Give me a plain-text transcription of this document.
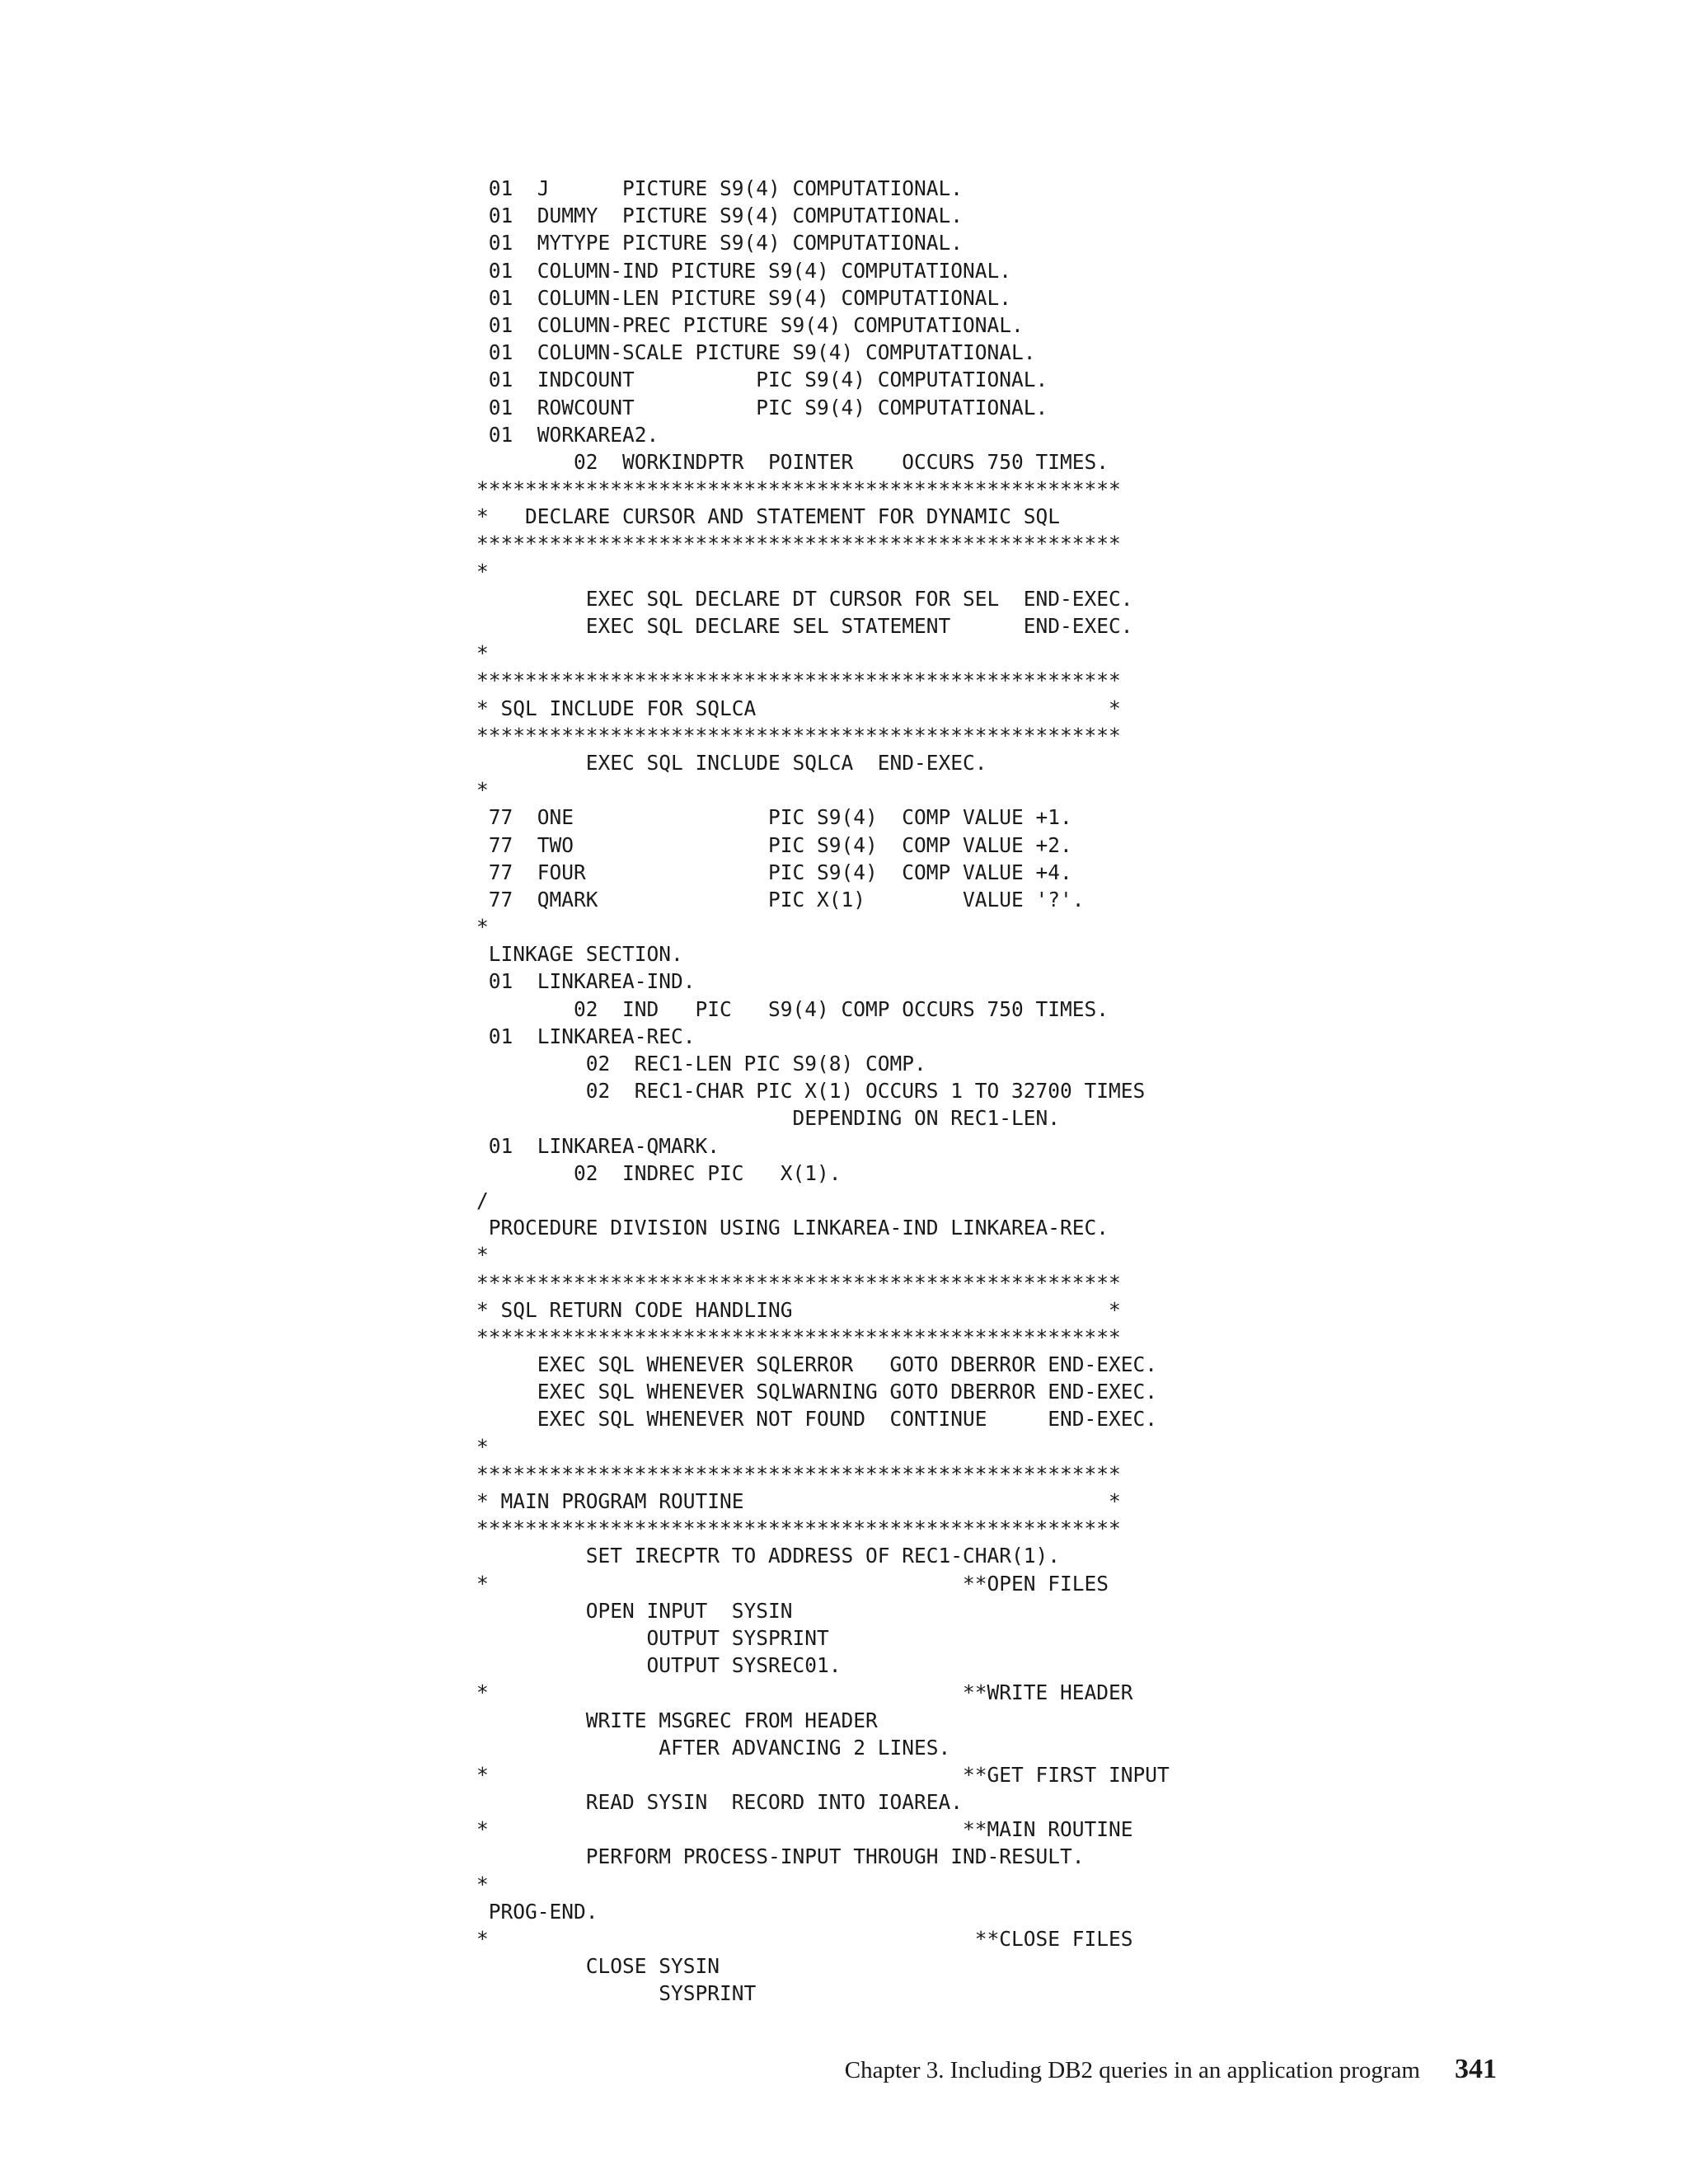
01  J      PICTURE S9(4) COMPUTATIONAL.
01  DUMMY  PICTURE S9(4) COMPUTATIONAL.
01  MYTYPE PICTURE S9(4) COMPUTATIONAL.
01  COLUMN-IND PICTURE S9(4) COMPUTATIONAL.
01  COLUMN-LEN PICTURE S9(4) COMPUTATIONAL.
01  COLUMN-PREC PICTURE S9(4) COMPUTATIONAL.
01  COLUMN-SCALE PICTURE S9(4) COMPUTATIONAL.
01  INDCOUNT          PIC S9(4) COMPUTATIONAL.
01  ROWCOUNT          PIC S9(4) COMPUTATIONAL.
01  WORKAREA2.
02  WORKINDPTR  POINTER    OCCURS 750 TIMES.
*****************************************************
*   DECLARE CURSOR AND STATEMENT FOR DYNAMIC SQL
*****************************************************
*
EXEC SQL DECLARE DT CURSOR FOR SEL  END-EXEC.
EXEC SQL DECLARE SEL STATEMENT      END-EXEC.
*
*****************************************************
* SQL INCLUDE FOR SQLCA                             *
*****************************************************
EXEC SQL INCLUDE SQLCA  END-EXEC.
*
77  ONE                PIC S9(4)  COMP VALUE +1.
77  TWO                PIC S9(4)  COMP VALUE +2.
77  FOUR               PIC S9(4)  COMP VALUE +4.
77  QMARK              PIC X(1)        VALUE '?'.
*
LINKAGE SECTION.
01  LINKAREA-IND.
02  IND   PIC   S9(4) COMP OCCURS 750 TIMES.
01  LINKAREA-REC.
02  REC1-LEN PIC S9(8) COMP.
02  REC1-CHAR PIC X(1) OCCURS 1 TO 32700 TIMES
DEPENDING ON REC1-LEN.
01  LINKAREA-QMARK.
02  INDREC PIC   X(1).
/
PROCEDURE DIVISION USING LINKAREA-IND LINKAREA-REC.
*
*****************************************************
* SQL RETURN CODE HANDLING                          *
*****************************************************
EXEC SQL WHENEVER SQLERROR   GOTO DBERROR END-EXEC.
EXEC SQL WHENEVER SQLWARNING GOTO DBERROR END-EXEC.
EXEC SQL WHENEVER NOT FOUND  CONTINUE     END-EXEC.
*
*****************************************************
* MAIN PROGRAM ROUTINE                              *
*****************************************************
SET IRECPTR TO ADDRESS OF REC1-CHAR(1).
*                                       **OPEN FILES
OPEN INPUT  SYSIN
OUTPUT SYSPRINT
OUTPUT SYSREC01.
*                                       **WRITE HEADER
WRITE MSGREC FROM HEADER
AFTER ADVANCING 2 LINES.
*                                       **GET FIRST INPUT
READ SYSIN  RECORD INTO IOAREA.
*                                       **MAIN ROUTINE
PERFORM PROCESS-INPUT THROUGH IND-RESULT.
*
PROG-END.
*                                        **CLOSE FILES
CLOSE SYSIN
SYSPRINT
Chapter 3. Including DB2 queries in an application program 341
